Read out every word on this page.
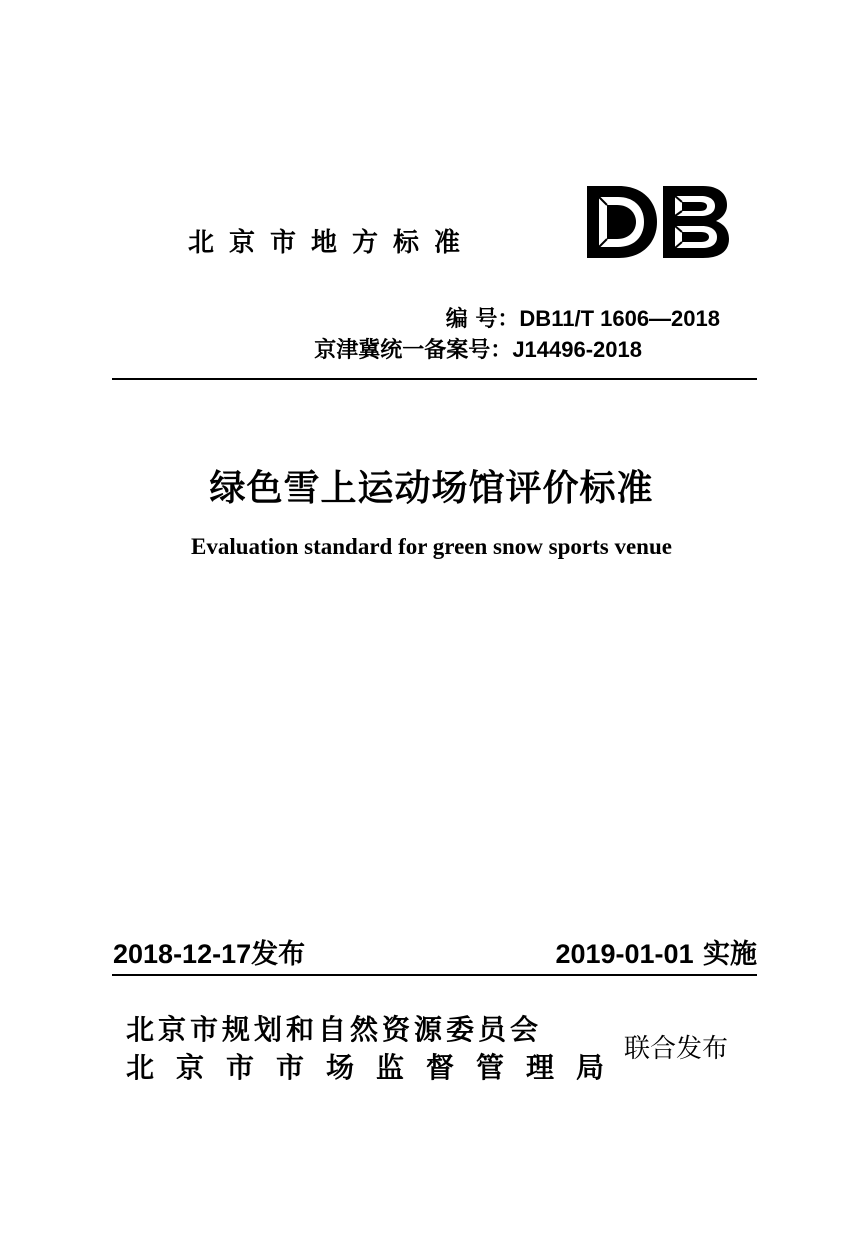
北京市地方标准
编 号：DB11/T 1606—2018
京津冀统一备案号：J14496-2018
绿色雪上运动场馆评价标准
Evaluation standard for green snow sports venue
2018-12-17发布	2019-01-01 实施
北京市规划和自然资源委员会
北京市市场监督管理局
联合发布
